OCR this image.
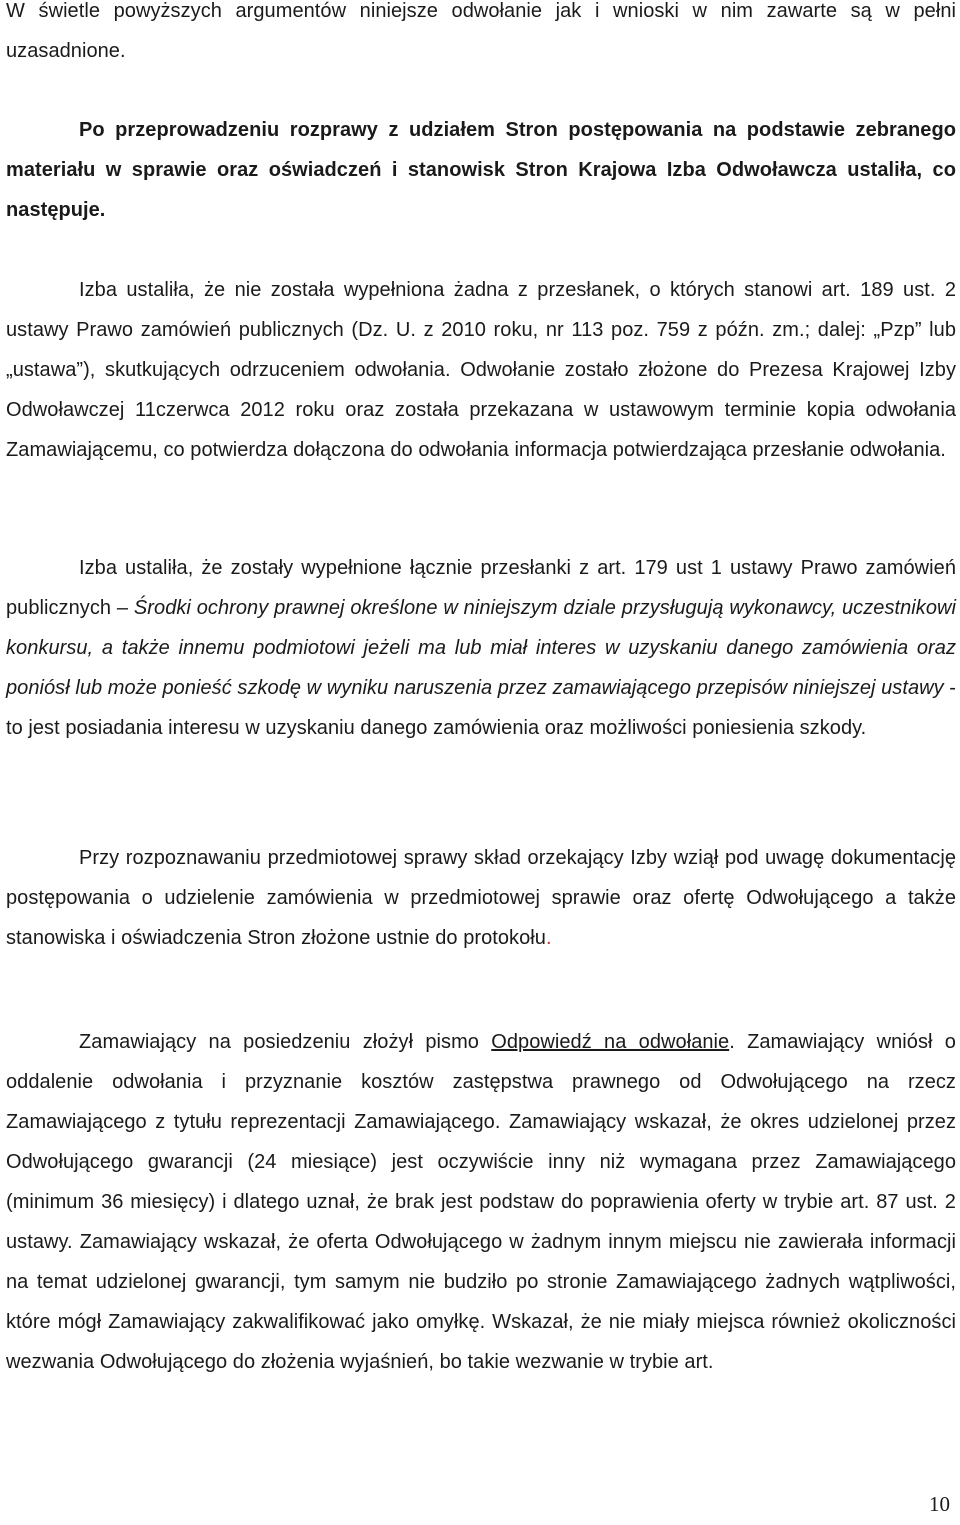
W świetle powyższych argumentów niniejsze odwołanie jak i wnioski w nim zawarte są w pełni uzasadnione.

Po przeprowadzeniu rozprawy z udziałem Stron postępowania na podstawie zebranego materiału w sprawie oraz oświadczeń i stanowisk Stron Krajowa Izba Odwoławcza ustaliła, co następuje.

Izba ustaliła, że nie została wypełniona żadna z przesłanek, o których stanowi art. 189 ust. 2 ustawy Prawo zamówień publicznych (Dz. U. z 2010 roku, nr 113 poz. 759 z późn. zm.; dalej: „Pzp” lub „ustawa”), skutkujących odrzuceniem odwołania. Odwołanie zostało złożone do Prezesa Krajowej Izby Odwoławczej 11czerwca 2012 roku oraz została przekazana w ustawowym terminie kopia odwołania Zamawiającemu, co potwierdza dołączona do odwołania informacja potwierdzająca przesłanie odwołania.

Izba ustaliła, że zostały wypełnione łącznie przesłanki z art. 179 ust 1 ustawy Prawo zamówień publicznych – Środki ochrony prawnej określone w niniejszym dziale przysługują wykonawcy, uczestnikowi konkursu, a także innemu podmiotowi jeżeli ma lub miał interes w uzyskaniu danego zamówienia oraz poniósł lub może ponieść szkodę w wyniku naruszenia przez zamawiającego przepisów niniejszej ustawy - to jest posiadania interesu w uzyskaniu danego zamówienia oraz możliwości poniesienia szkody.

Przy rozpoznawaniu przedmiotowej sprawy skład orzekający Izby wziął pod uwagę dokumentację postępowania o udzielenie zamówienia w przedmiotowej sprawie oraz ofertę Odwołującego a także stanowiska i oświadczenia Stron złożone ustnie do protokołu.

Zamawiający na posiedzeniu złożył pismo Odpowiedź na odwołanie. Zamawiający wniósł o oddalenie odwołania i przyznanie kosztów zastępstwa prawnego od Odwołującego na rzecz Zamawiającego z tytułu reprezentacji Zamawiającego. Zamawiający wskazał, że okres udzielonej przez Odwołującego gwarancji (24 miesiące) jest oczywiście inny niż wymagana przez Zamawiającego (minimum 36 miesięcy) i dlatego uznał, że brak jest podstaw do poprawienia oferty w trybie art. 87 ust. 2 ustawy. Zamawiający wskazał, że oferta Odwołującego w żadnym innym miejscu nie zawierała informacji na temat udzielonej gwarancji, tym samym nie budziło po stronie Zamawiającego żadnych wątpliwości, które mógł Zamawiający zakwalifikować jako omyłkę. Wskazał, że nie miały miejsca również okoliczności wezwania Odwołującego do złożenia wyjaśnień, bo takie wezwanie w trybie art.

10
